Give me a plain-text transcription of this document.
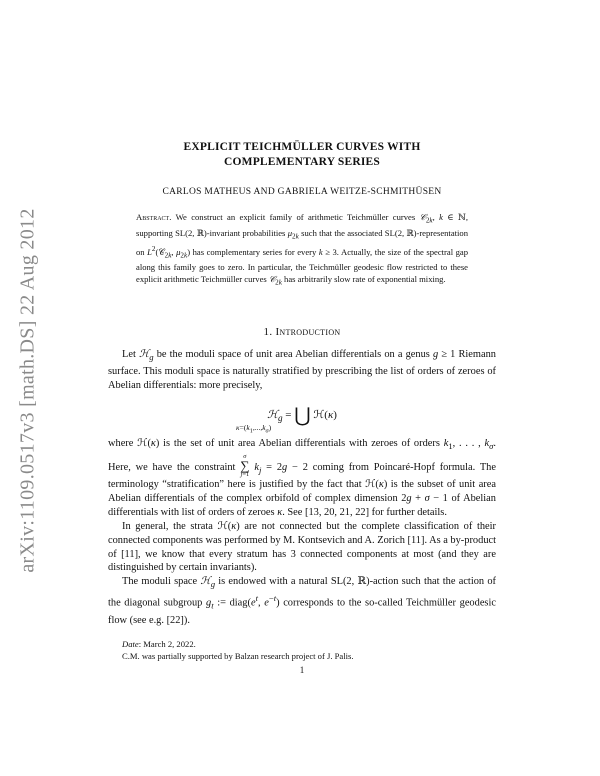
arXiv:1109.0517v3 [math.DS] 22 Aug 2012
EXPLICIT TEICHMÜLLER CURVES WITH
COMPLEMENTARY SERIES
CARLOS MATHEUS AND GABRIELA WEITZE-SCHMITHÜSEN
Abstract. We construct an explicit family of arithmetic Teichmüller curves 𝒞$_{2k}$, k ∈ ℕ, supporting SL(2, ℝ)-invariant probabilities $\mu_{2k}$ such that the associated SL(2, ℝ)-representation on $L^2(𝒞_{2k}$, $\mu_{2k}$) has complementary series for every k ≥ 3. Actually, the size of the spectral gap along this family goes to zero. In particular, the Teichmüller geodesic flow restricted to these explicit arithmetic Teichmüller curves 𝒞$_{2k}$ has arbitrarily slow rate of exponential mixing.
1. Introduction

Let ℋ$_g$ be the moduli space of unit area Abelian differentials on a genus g ≥ 1 Riemann surface. This moduli space is naturally stratified by prescribing the list of orders of zeroes of Abelian differentials: more precisely,

ℋ$_g$ = ⋃ ℋ(κ)
$\kappa=(k_1,...,k_\sigma)$

where ℋ(κ) is the set of unit area Abelian differentials with zeroes of orders $k_1$, . . . , $k_\sigma$. Here, we have the constraint σ
∑
j=1 $k_j = 2g - 2$ coming from Poincaré-Hopf formula. The terminology “stratification” here is justified by the fact that ℋ(κ) is the subset of unit area Abelian differentials of the complex orbifold of complex dimension 2g + σ − 1 of Abelian differentials with list of orders of zeroes κ. See [13, 20, 21, 22] for further details.

In general, the strata ℋ(κ) are not connected but the complete classification of their connected components was performed by M. Kontsevich and A. Zorich [11]. As a by-product of [11], we know that every stratum has 3 connected components at most (and they are distinguished by certain invariants).

The moduli space ℋ$_g$ is endowed with a natural SL(2, ℝ)-action such that the action of the diagonal subgroup $g_t$ := $diag(e^t$, $e^{-t}$) corresponds to the so-called Teichmüller geodesic flow (see e.g. [22]).

Date: March 2, 2022.
C.M. was partially supported by Balzan research project of J. Palis.
1
